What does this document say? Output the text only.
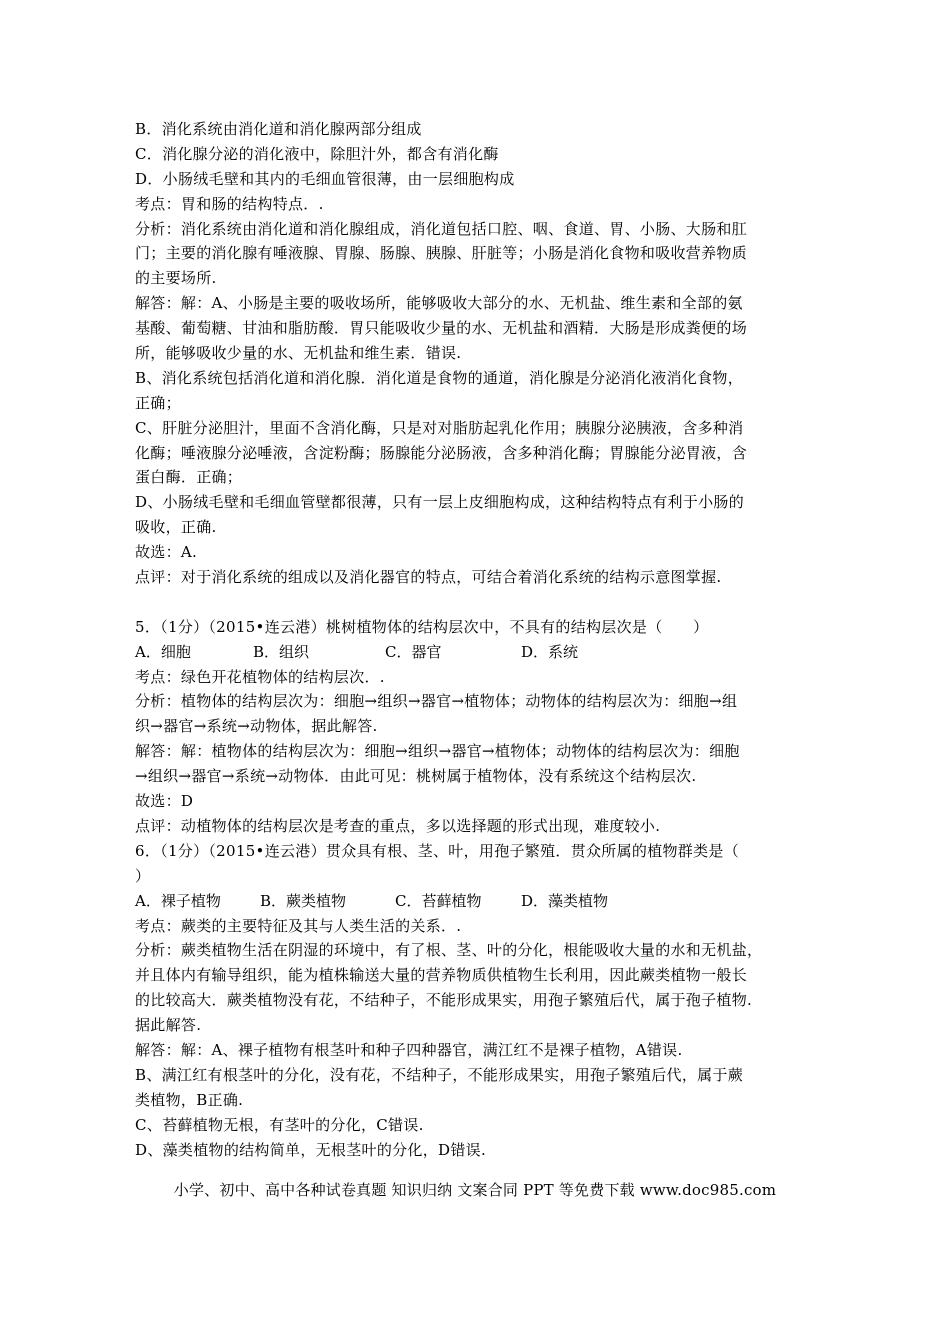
B．消化系统由消化道和消化腺两部分组成
C．消化腺分泌的消化液中，除胆汁外，都含有消化酶
D．小肠绒毛壁和其内的毛细血管很薄，由一层细胞构成
考点：胃和肠的结构特点．.
分析：消化系统由消化道和消化腺组成，消化道包括口腔、咽、食道、胃、小肠、大肠和肛
门；主要的消化腺有唾液腺、胃腺、肠腺、胰腺、肝脏等；小肠是消化食物和吸收营养物质
的主要场所.
解答：解：A、小肠是主要的吸收场所，能够吸收大部分的水、无机盐、维生素和全部的氨
基酸、葡萄糖、甘油和脂肪酸．胃只能吸收少量的水、无机盐和酒精．大肠是形成粪便的场
所，能够吸收少量的水、无机盐和维生素．错误.
B、消化系统包括消化道和消化腺．消化道是食物的通道，消化腺是分泌消化液消化食物，
正确；
C、肝脏分泌胆汁，里面不含消化酶，只是对对脂肪起乳化作用；胰腺分泌胰液，含多种消
化酶；唾液腺分泌唾液，含淀粉酶；肠腺能分泌肠液，含多种消化酶；胃腺能分泌胃液，含
蛋白酶．正确；
D、小肠绒毛壁和毛细血管壁都很薄，只有一层上皮细胞构成，这种结构特点有利于小肠的
吸收，正确.
故选：A.
点评：对于消化系统的组成以及消化器官的特点，可结合着消化系统的结构示意图掌握.
5．（1分）（2015•连云港）桃树植物体的结构层次中，不具有的结构层次是（　　）
A．细胞	B．组织	C．器官	D．系统
考点：绿色开花植物体的结构层次．.
分析：植物体的结构层次为：细胞→组织→器官→植物体；动物体的结构层次为：细胞→组
织→器官→系统→动物体，据此解答.
解答：解：植物体的结构层次为：细胞→组织→器官→植物体；动物体的结构层次为：细胞
→组织→器官→系统→动物体．由此可见：桃树属于植物体，没有系统这个结构层次.
故选：D
点评：动植物体的结构层次是考查的重点，多以选择题的形式出现，难度较小.
6．（1分）（2015•连云港）贯众具有根、茎、叶，用孢子繁殖．贯众所属的植物群类是（
）
A．裸子植物	B．蕨类植物	C．苔藓植物	D．藻类植物
考点：蕨类的主要特征及其与人类生活的关系．.
分析：蕨类植物生活在阴湿的环境中，有了根、茎、叶的分化，根能吸收大量的水和无机盐，
并且体内有输导组织，能为植株输送大量的营养物质供植物生长利用，因此蕨类植物一般长
的比较高大．蕨类植物没有花，不结种子，不能形成果实，用孢子繁殖后代，属于孢子植物.
据此解答.
解答：解：A、裸子植物有根茎叶和种子四种器官，满江红不是裸子植物，A错误.
B、满江红有根茎叶的分化，没有花，不结种子，不能形成果实，用孢子繁殖后代，属于蕨
类植物，B正确.
C、苔藓植物无根，有茎叶的分化，C错误.
D、藻类植物的结构简单，无根茎叶的分化，D错误.
小学、初中、高中各种试卷真题 知识归纳 文案合同 PPT 等免费下载 www.doc985.com
